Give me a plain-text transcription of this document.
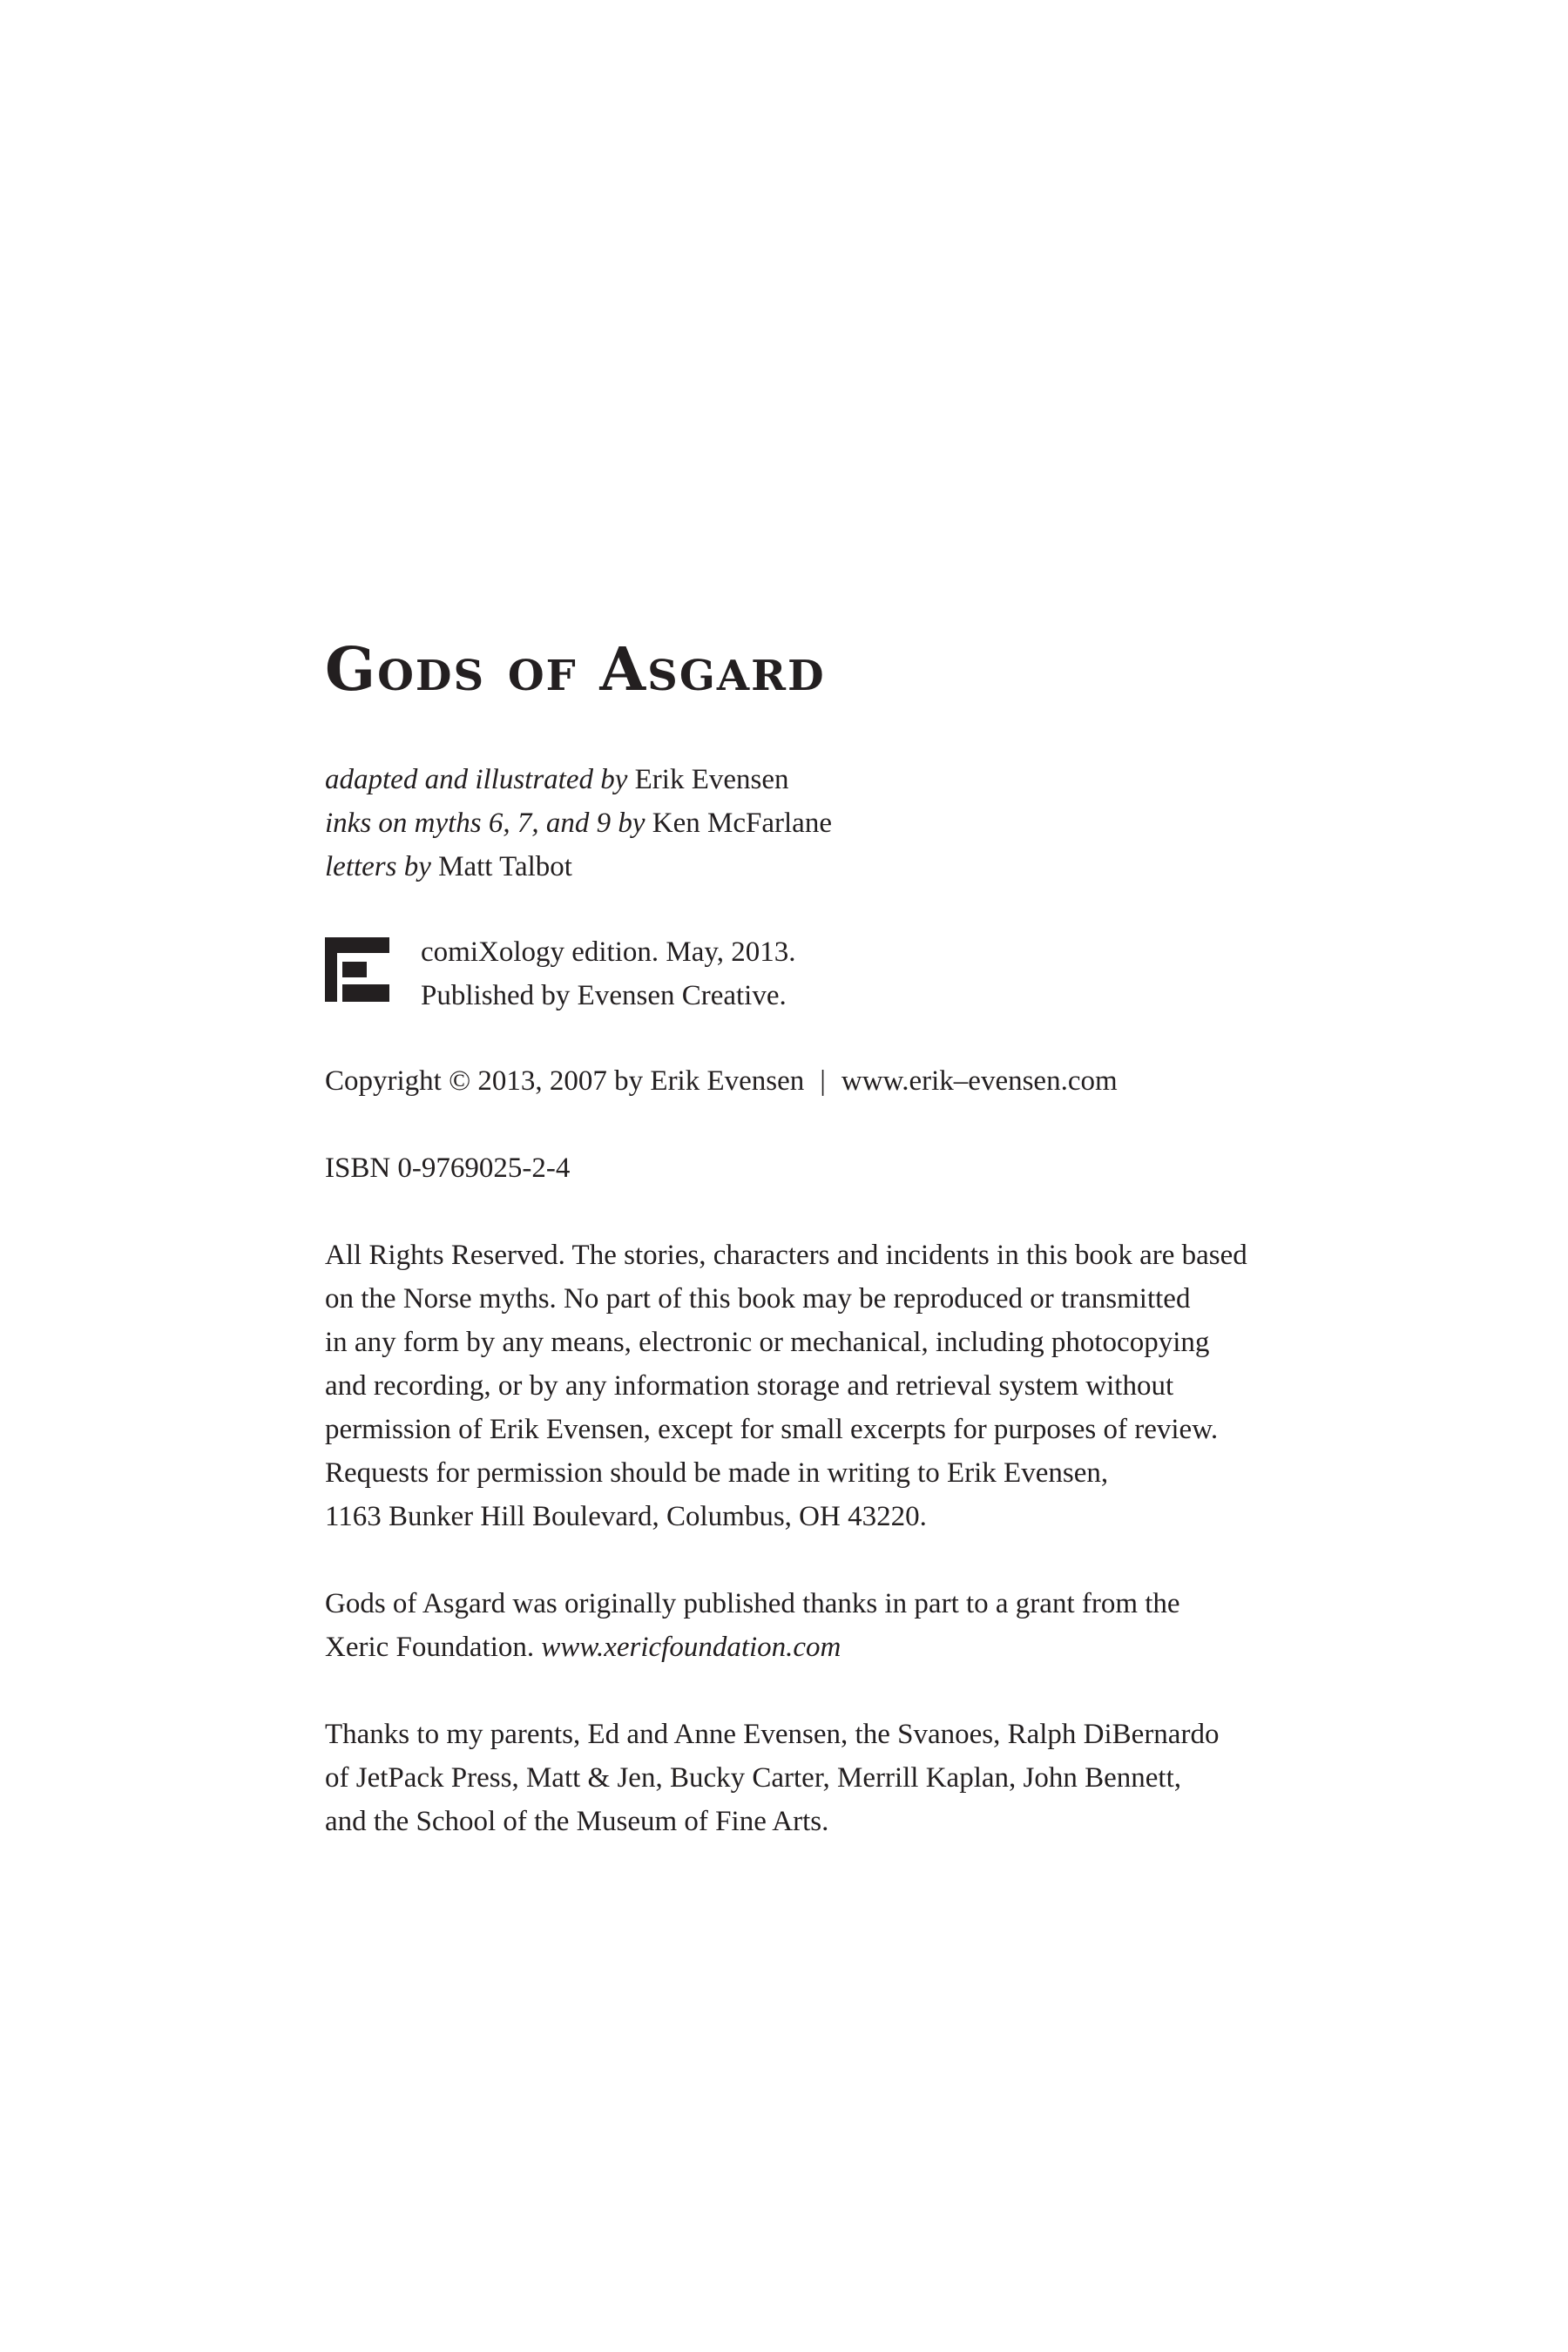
Gods of Asgard
adapted and illustrated by Erik Evensen
inks on myths 6, 7, and 9 by Ken McFarlane
letters by Matt Talbot
comiXology edition. May, 2013.
Published by Evensen Creative.

Copyright © 2013, 2007 by Erik Evensen | www.erik–evensen.com

ISBN 0-9769025-2-4

All Rights Reserved. The stories, characters and incidents in this book are based
on the Norse myths. No part of this book may be reproduced or transmitted
in any form by any means, electronic or mechanical, including photocopying
and recording, or by any information storage and retrieval system without
permission of Erik Evensen, except for small excerpts for purposes of review.
Requests for permission should be made in writing to Erik Evensen,
1163 Bunker Hill Boulevard, Columbus, OH 43220.

Gods of Asgard was originally published thanks in part to a grant from the
Xeric Foundation. www.xericfoundation.com

Thanks to my parents, Ed and Anne Evensen, the Svanoes, Ralph DiBernardo
of JetPack Press, Matt & Jen, Bucky Carter, Merrill Kaplan, John Bennett,
and the School of the Museum of Fine Arts.
